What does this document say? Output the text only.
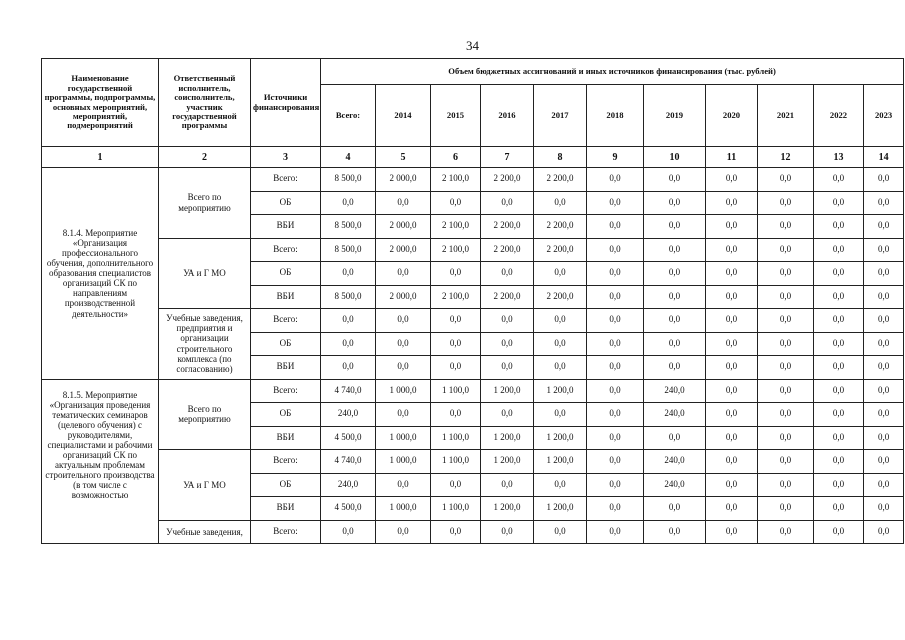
34
Наименование государственной программы, подпрограммы, основных мероприятий, мероприятий, подмероприятий	Ответственный исполнитель, соисполнитель, участник государственной программы	Источники финансирования	Объем бюджетных ассигнований и иных источников финансирования (тыс. рублей)										
			Всего:	2014	2015	2016	2017	2018	2019	2020	2021	2022	2023
1	2	3	4	5	6	7	8	9	10	11	12	13	14
8.1.4. Мероприятие «Организация профессионального обучения, дополнительного образования специалистов организаций СК по направлениям производственной деятельности»	Всего по мероприятию	Всего:	8 500,0	2 000,0	2 100,0	2 200,0	2 200,0	0,0	0,0	0,0	0,0	0,0	0,0
		ОБ	0,0	0,0	0,0	0,0	0,0	0,0	0,0	0,0	0,0	0,0	0,0
		ВБИ	8 500,0	2 000,0	2 100,0	2 200,0	2 200,0	0,0	0,0	0,0	0,0	0,0	0,0
	УА и Г МО	Всего:	8 500,0	2 000,0	2 100,0	2 200,0	2 200,0	0,0	0,0	0,0	0,0	0,0	0,0
		ОБ	0,0	0,0	0,0	0,0	0,0	0,0	0,0	0,0	0,0	0,0	0,0
		ВБИ	8 500,0	2 000,0	2 100,0	2 200,0	2 200,0	0,0	0,0	0,0	0,0	0,0	0,0
	Учебные заведения, предприятия и организации строительного комплекса (по согласованию)	Всего:	0,0	0,0	0,0	0,0	0,0	0,0	0,0	0,0	0,0	0,0	0,0
		ОБ	0,0	0,0	0,0	0,0	0,0	0,0	0,0	0,0	0,0	0,0	0,0
		ВБИ	0,0	0,0	0,0	0,0	0,0	0,0	0,0	0,0	0,0	0,0	0,0
8.1.5. Мероприятие «Организация проведения тематических семинаров (целевого обучения) с руководителями, специалистами и рабочими организаций СК по актуальным проблемам строительного производства (в том числе с возможностью	Всего по мероприятию	Всего:	4 740,0	1 000,0	1 100,0	1 200,0	1 200,0	0,0	240,0	0,0	0,0	0,0	0,0
		ОБ	240,0	0,0	0,0	0,0	0,0	0,0	240,0	0,0	0,0	0,0	0,0
		ВБИ	4 500,0	1 000,0	1 100,0	1 200,0	1 200,0	0,0	0,0	0,0	0,0	0,0	0,0
	УА и Г МО	Всего:	4 740,0	1 000,0	1 100,0	1 200,0	1 200,0	0,0	240,0	0,0	0,0	0,0	0,0
		ОБ	240,0	0,0	0,0	0,0	0,0	0,0	240,0	0,0	0,0	0,0	0,0
		ВБИ	4 500,0	1 000,0	1 100,0	1 200,0	1 200,0	0,0	0,0	0,0	0,0	0,0	0,0
	Учебные заведения,	Всего:	0,0	0,0	0,0	0,0	0,0	0,0	0,0	0,0	0,0	0,0	0,0
